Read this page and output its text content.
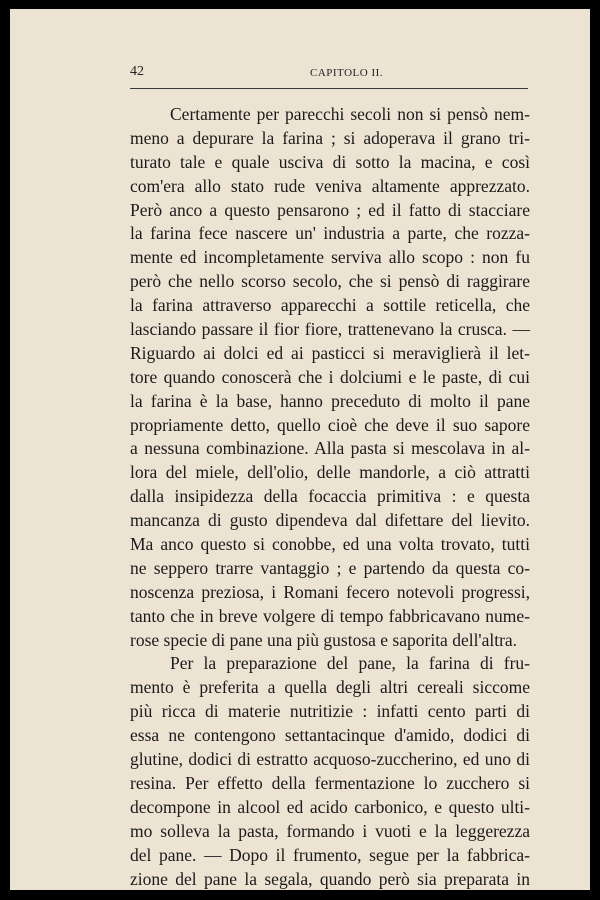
42	CAPITOLO II.
Certamente per parecchi secoli non si pensò nem-
meno a depurare la farina ; si adoperava il grano tri-
turato tale e quale usciva di sotto la macina, e così
com'era allo stato rude veniva altamente apprezzato.
Però anco a questo pensarono ; ed il fatto di stacciare
la farina fece nascere un' industria a parte, che rozza-
mente ed incompletamente serviva allo scopo : non fu
però che nello scorso secolo, che si pensò di raggirare
la farina attraverso apparecchi a sottile reticella, che
lasciando passare il fior fiore, trattenevano la crusca. —
Riguardo ai dolci ed ai pasticci si meraviglierà il let-
tore quando conoscerà che i dolciumi e le paste, di cui
la farina è la base, hanno preceduto di molto il pane
propriamente detto, quello cioè che deve il suo sapore
a nessuna combinazione. Alla pasta si mescolava in al-
lora del miele, dell'olio, delle mandorle, a ciò attratti
dalla insipidezza della focaccia primitiva : e questa
mancanza di gusto dipendeva dal difettare del lievito.
Ma anco questo si conobbe, ed una volta trovato, tutti
ne seppero trarre vantaggio ; e partendo da questa co-
noscenza preziosa, i Romani fecero notevoli progressi,
tanto che in breve volgere di tempo fabbricavano nume-
rose specie di pane una più gustosa e saporita dell'altra.
Per la preparazione del pane, la farina di fru-
mento è preferita a quella degli altri cereali siccome
più ricca di materie nutritizie : infatti cento parti di
essa ne contengono settantacinque d'amido, dodici di
glutine, dodici di estratto acquoso-zuccherino, ed uno di
resina. Per effetto della fermentazione lo zucchero si
decompone in alcool ed acido carbonico, e questo ulti-
mo solleva la pasta, formando i vuoti e la leggerezza
del pane. — Dopo il frumento, segue per la fabbrica-
zione del pane la segala, quando però sia preparata in
